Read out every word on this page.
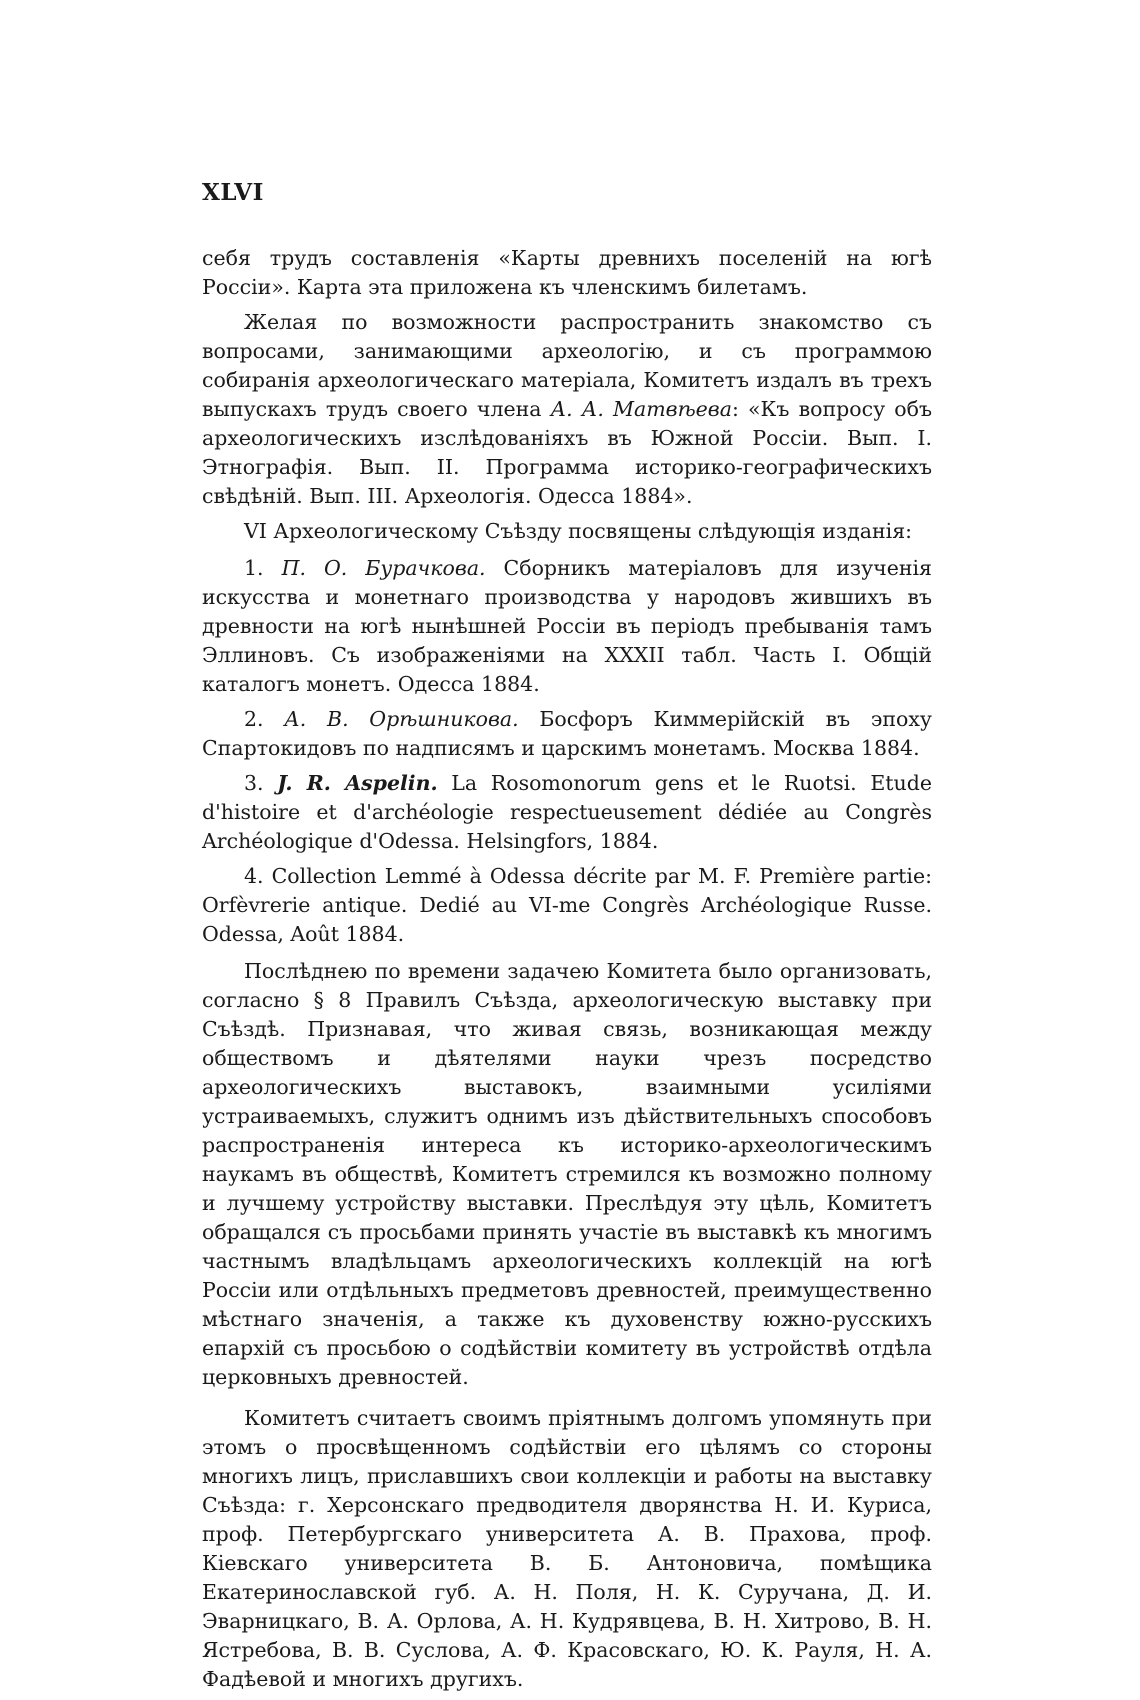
XLVI

себя трудъ составленія «Карты древнихъ поселеній на югѣ Россіи». Карта эта приложена къ членскимъ билетамъ.

Желая по возможности распространить знакомство съ вопросами, занимающими археологію, и съ программою собиранія археологическаго матеріала, Комитетъ издалъ въ трехъ выпускахъ трудъ своего члена А. А. Матвѣева: «Къ вопросу объ археологическихъ изслѣдованіяхъ въ Южной Россіи. Вып. I. Этнографія. Вып. II. Программа историко-географическихъ свѣдѣній. Вып. III. Археологія. Одесса 1884».

VI Археологическому Съѣзду посвящены слѣдующія изданія:

1. П. О. Бурачкова. Сборникъ матеріаловъ для изученія искусства и монетнаго производства у народовъ жившихъ въ древности на югѣ нынѣшней Россіи въ періодъ пребыванія тамъ Эллиновъ. Съ изображеніями на XXXII табл. Часть I. Общій каталогъ монетъ. Одесса 1884.

2. А. В. Орѣшникова. Босфоръ Киммерійскій въ эпоху Спартокидовъ по надписямъ и царскимъ монетамъ. Москва 1884.

3. J. R. Aspelin. La Rosomonorum gens et le Ruotsi. Etude d'histoire et d'archéologie respectueusement dédiée au Congrès Archéologique d'Odessa. Helsingfors, 1884.

4. Collection Lemmé à Odessa décrite par M. F. Première partie: Orfèvrerie antique. Dedié au VI-me Congrès Archéologique Russe. Odessa, Août 1884.

Послѣднею по времени задачею Комитета было организовать, согласно § 8 Правилъ Съѣзда, археологическую выставку при Съѣздѣ. Признавая, что живая связь, возникающая между обществомъ и дѣятелями науки чрезъ посредство археологическихъ выставокъ, взаимными усиліями устраиваемыхъ, служитъ однимъ изъ дѣйствительныхъ способовъ распространенія интереса къ историко-археологическимъ наукамъ въ обществѣ, Комитетъ стремился къ возможно полному и лучшему устройству выставки. Преслѣдуя эту цѣль, Комитетъ обращался съ просьбами принять участіе въ выставкѣ къ многимъ частнымъ владѣльцамъ археологическихъ коллекцій на югѣ Россіи или отдѣльныхъ предметовъ древностей, преимущественно мѣстнаго значенія, а также къ духовенству южно-русскихъ епархій съ просьбою о содѣйствіи комитету въ устройствѣ отдѣла церковныхъ древностей.

Комитетъ считаетъ своимъ пріятнымъ долгомъ упомянуть при этомъ о просвѣщенномъ содѣйствіи его цѣлямъ со стороны многихъ лицъ, приславшихъ свои коллекціи и работы на выставку Съѣзда: г. Херсонскаго предводителя дворянства Н. И. Куриса, проф. Петербургскаго университета А. В. Прахова, проф. Кіевскаго университета В. Б. Антоновича, помѣщика Екатеринославской губ. А. Н. Поля, Н. К. Суручана, Д. И. Эварницкаго, В. А. Орлова, А. Н. Кудрявцева, В. Н. Хитрово, В. Н. Ястребова, В. В. Суслова, А. Ф. Красовскаго, Ю. К. Рауля, Н. А. Фадѣевой и многихъ другихъ.
